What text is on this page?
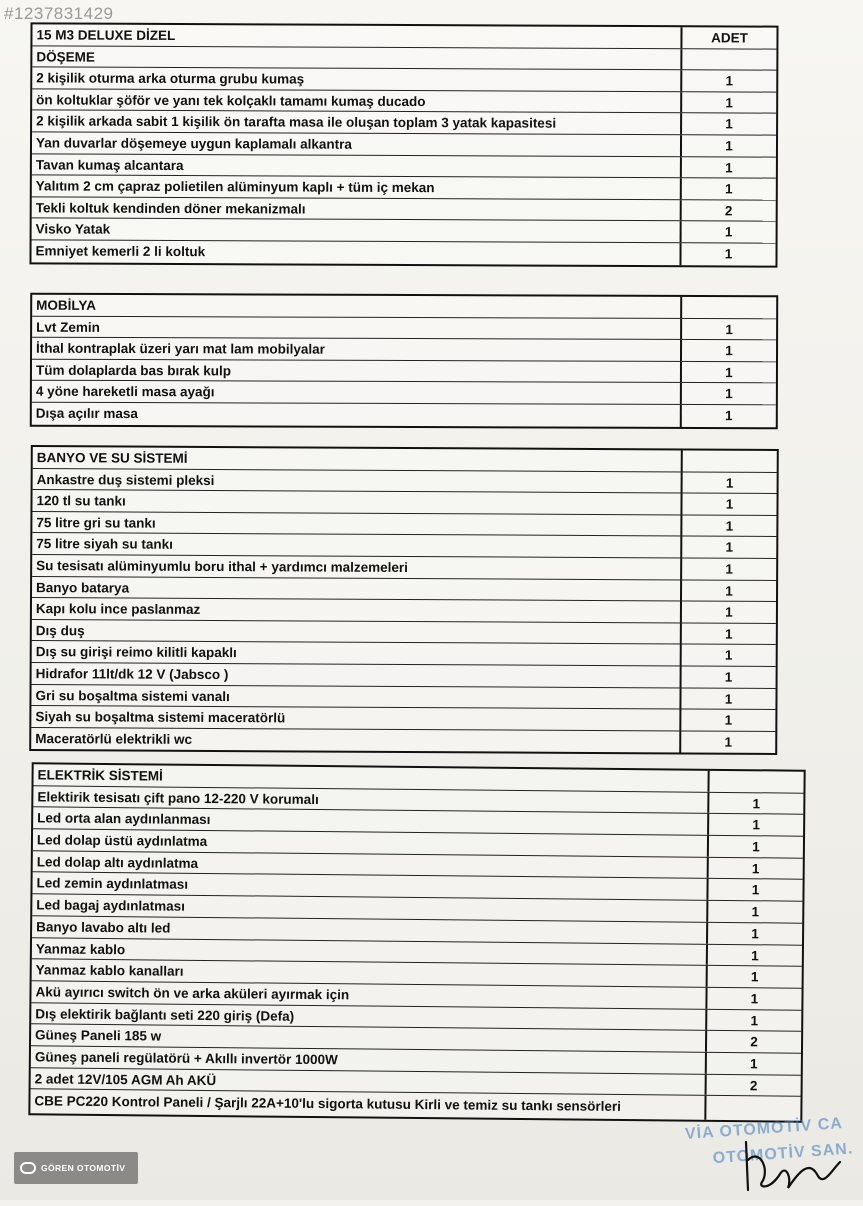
#1237831429
15 M3 DELUXE DİZEL	ADET
DÖŞEME
2 kişilik oturma arka oturma grubu kumaş	1
ön koltuklar şöför ve yanı tek kolçaklı tamamı kumaş ducado	1
2 kişilik arkada sabit 1 kişilik ön tarafta masa ile oluşan toplam 3 yatak kapasitesi	1
Yan duvarlar döşemeye uygun kaplamalı alkantra	1
Tavan kumaş alcantara	1
Yalıtım 2 cm çapraz polietilen alüminyum kaplı + tüm iç mekan	1
Tekli koltuk kendinden döner mekanizmalı	2
Visko Yatak	1
Emniyet kemerli 2 li koltuk	1
MOBİLYA
Lvt Zemin	1
İthal kontraplak üzeri yarı mat lam mobilyalar	1
Tüm dolaplarda bas bırak kulp	1
4 yöne hareketli masa ayağı	1
Dışa açılır masa	1
BANYO VE SU SİSTEMİ
Ankastre duş sistemi pleksi	1
120 tl su tankı	1
75 litre gri su tankı	1
75 litre siyah su tankı	1
Su tesisatı alüminyumlu boru ithal + yardımcı malzemeleri	1
Banyo batarya	1
Kapı kolu ince paslanmaz	1
Dış duş	1
Dış su girişi reimo kilitli kapaklı	1
Hidrafor 11lt/dk 12 V (Jabsco )	1
Gri su boşaltma sistemi vanalı	1
Siyah su boşaltma sistemi maceratörlü	1
Maceratörlü elektrikli wc	1
ELEKTRİK SİSTEMİ
Elektirik tesisatı çift pano 12-220 V korumalı	1
Led orta alan aydınlanması	1
Led dolap üstü aydınlatma	1
Led dolap altı aydınlatma	1
Led zemin aydınlatması	1
Led bagaj aydınlatması	1
Banyo lavabo altı led	1
Yanmaz kablo	1
Yanmaz kablo kanalları	1
Akü ayırıcı switch ön ve arka aküleri ayırmak için	1
Dış elektirik bağlantı seti 220 giriş (Defa)	1
Güneş Paneli 185 w	2
Güneş paneli regülatörü + Akıllı invertör 1000W	1
2 adet 12V/105 AGM Ah AKÜ	2
CBE PC220 Kontrol Paneli / Şarjlı 22A+10'lu sigorta kutusu Kirli ve temiz su tankı sensörleri
VİA OTOMOTİV CA
OTOMOTİV SAN.
GÖREN OTOMOTİV
